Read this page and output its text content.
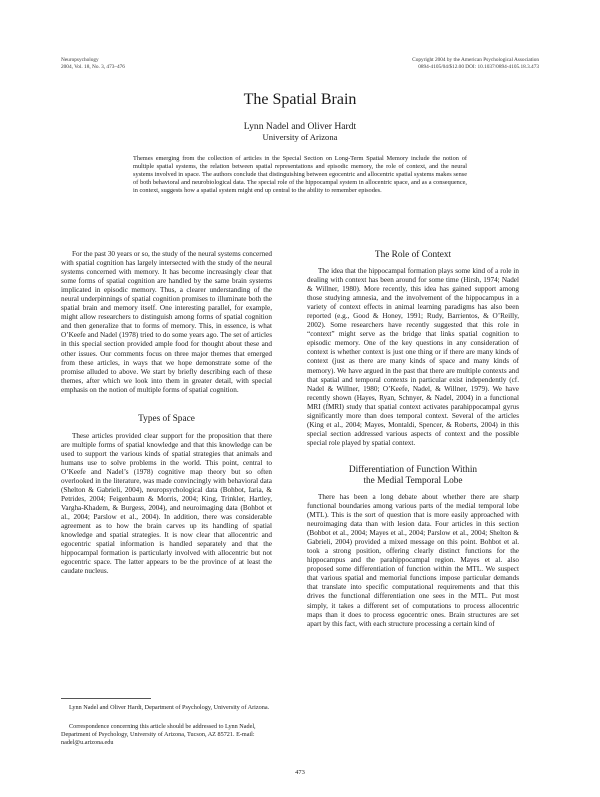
Neuropsychology
2004, Vol. 18, No. 3, 473–476
Copyright 2004 by the American Psychological Association
0894-4105/04/$12.00 DOI: 10.1037/0894-4105.18.3.473
The Spatial Brain
Lynn Nadel and Oliver Hardt
University of Arizona

Themes emerging from the collection of articles in the Special Section on Long-Term Spatial Memory include the notion of multiple spatial systems, the relation between spatial representations and episodic memory, the role of context, and the neural systems involved in space. The authors conclude that distinguishing between egocentric and allocentric spatial systems makes sense of both behavioral and neurobiological data. The special role of the hippocampal system in allocentric space, and as a consequence, in context, suggests how a spatial system might end up central to the ability to remember episodes.

For the past 30 years or so, the study of the neural systems concerned with spatial cognition has largely intersected with the study of the neural systems concerned with memory. It has become increasingly clear that some forms of spatial cognition are handled by the same brain systems implicated in episodic memory. Thus, a clearer understanding of the neural underpinnings of spatial cognition promises to illuminate both the spatial brain and memory itself. One interesting parallel, for example, might allow researchers to distinguish among forms of spatial cognition and then generalize that to forms of memory. This, in essence, is what O’Keefe and Nadel (1978) tried to do some years ago. The set of articles in this special section provided ample food for thought about these and other issues. Our comments focus on three major themes that emerged from these articles, in ways that we hope demonstrate some of the promise alluded to above. We start by briefly describing each of these themes, after which we look into them in greater detail, with special emphasis on the notion of multiple forms of spatial cognition.

Types of Space

These articles provided clear support for the proposition that there are multiple forms of spatial knowledge and that this knowledge can be used to support the various kinds of spatial strategies that animals and humans use to solve problems in the world. This point, central to O’Keefe and Nadel’s (1978) cognitive map theory but so often overlooked in the literature, was made convincingly with behavioral data (Shelton & Gabrieli, 2004), neuropsychological data (Bohbot, Iaria, & Petrides, 2004; Feigenbaum & Morris, 2004; King, Trinkler, Hartley, Vargha-Khadem, & Burgess, 2004), and neuroimaging data (Bohbot et al., 2004; Parslow et al., 2004). In addition, there was considerable agreement as to how the brain carves up its handling of spatial knowledge and spatial strategies. It is now clear that allocentric and egocentric spatial information is handled separately and that the hippocampal formation is particularly involved with allocentric but not egocentric space. The latter appears to be the province of at least the caudate nucleus.

The Role of Context

The idea that the hippocampal formation plays some kind of a role in dealing with context has been around for some time (Hirsh, 1974; Nadel & Willner, 1980). More recently, this idea has gained support among those studying amnesia, and the involvement of the hippocampus in a variety of context effects in animal learning paradigms has also been reported (e.g., Good & Honey, 1991; Rudy, Barrientos, & O’Reilly, 2002). Some researchers have recently suggested that this role in “context” might serve as the bridge that links spatial cognition to episodic memory. One of the key questions in any consideration of context is whether context is just one thing or if there are many kinds of context (just as there are many kinds of space and many kinds of memory). We have argued in the past that there are multiple contexts and that spatial and temporal contexts in particular exist independently (cf. Nadel & Willner, 1980; O’Keefe, Nadel, & Willner, 1979). We have recently shown (Hayes, Ryan, Schnyer, & Nadel, 2004) in a functional MRI (fMRI) study that spatial context activates parahippocampal gyrus significantly more than does temporal context. Several of the articles (King et al., 2004; Mayes, Montaldi, Spencer, & Roberts, 2004) in this special section addressed various aspects of context and the possible special role played by spatial context.

Differentiation of Function Within
the Medial Temporal Lobe

There has been a long debate about whether there are sharp functional boundaries among various parts of the medial temporal lobe (MTL). This is the sort of question that is more easily approached with neuroimaging data than with lesion data. Four articles in this section (Bohbot et al., 2004; Mayes et al., 2004; Parslow et al., 2004; Shelton & Gabrieli, 2004) provided a mixed message on this point. Bohbot et al. took a strong position, offering clearly distinct functions for the hippocampus and the parahippocampal region. Mayes et al. also proposed some differentiation of function within the MTL. We suspect that various spatial and memorial functions impose particular demands that translate into specific computational requirements and that this drives the functional differentiation one sees in the MTL. Put most simply, it takes a different set of computations to process allocentric maps than it does to process egocentric ones. Brain structures are set apart by this fact, with each structure processing a certain kind of

Lynn Nadel and Oliver Hardt, Department of Psychology, University of Arizona.

Correspondence concerning this article should be addressed to Lynn Nadel, Department of Psychology, University of Arizona, Tucson, AZ 85721. E-mail: nadel@u.arizona.edu

473
